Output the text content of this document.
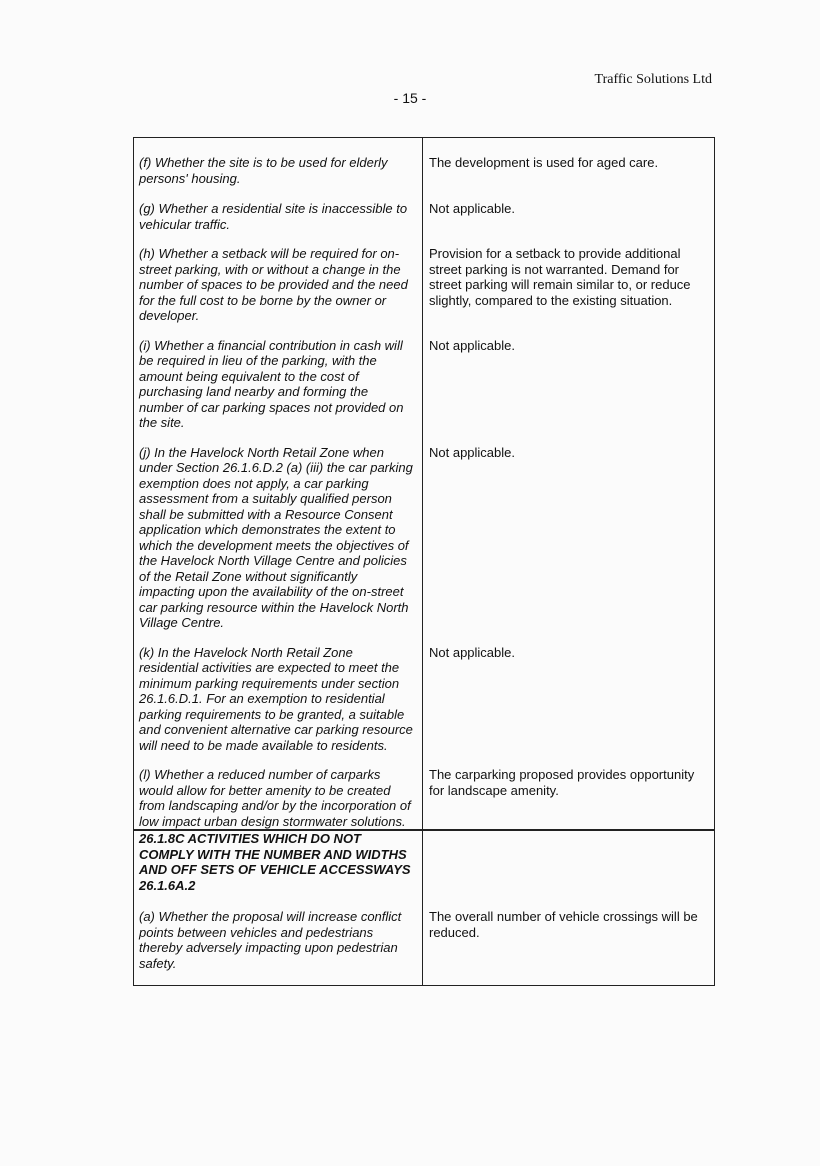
Traffic Solutions Ltd
- 15 -

(f) Whether the site is to be used for elderly persons' housing.	The development is used for aged care.

(g) Whether a residential site is inaccessible to vehicular traffic.	Not applicable.

(h) Whether a setback will be required for on-street parking, with or without a change in the number of spaces to be provided and the need for the full cost to be borne by the owner or developer.	Provision for a setback to provide additional street parking is not warranted. Demand for street parking will remain similar to, or reduce slightly, compared to the existing situation.

(i) Whether a financial contribution in cash will be required in lieu of the parking, with the amount being equivalent to the cost of purchasing land nearby and forming the number of car parking spaces not provided on the site.	Not applicable.

(j) In the Havelock North Retail Zone when under Section 26.1.6.D.2 (a) (iii) the car parking exemption does not apply, a car parking assessment from a suitably qualified person shall be submitted with a Resource Consent application which demonstrates the extent to which the development meets the objectives of the Havelock North Village Centre and policies of the Retail Zone without significantly impacting upon the availability of the on-street car parking resource within the Havelock North Village Centre.	Not applicable.

(k) In the Havelock North Retail Zone residential activities are expected to meet the minimum parking requirements under section 26.1.6.D.1. For an exemption to residential parking requirements to be granted, a suitable and convenient alternative car parking resource will need to be made available to residents.	Not applicable.

(l) Whether a reduced number of carparks would allow for better amenity to be created from landscaping and/or by the incorporation of low impact urban design stormwater solutions.	The carparking proposed provides opportunity for landscape amenity.

26.1.8C ACTIVITIES WHICH DO NOT COMPLY WITH THE NUMBER AND WIDTHS AND OFF SETS OF VEHICLE ACCESSWAYS 26.1.6A.2	

(a) Whether the proposal will increase conflict points between vehicles and pedestrians thereby adversely impacting upon pedestrian safety.	The overall number of vehicle crossings will be reduced.
